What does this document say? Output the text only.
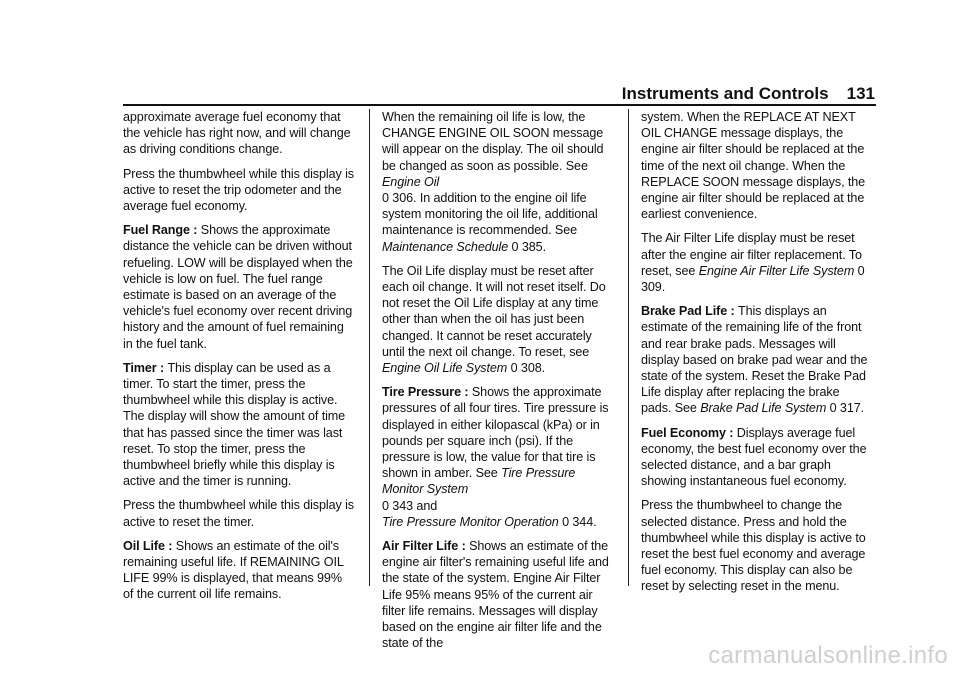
Instruments and Controls 131

approximate average fuel economy that the vehicle has right now, and will change as driving conditions change.

Press the thumbwheel while this display is active to reset the trip odometer and the average fuel economy.

Fuel Range : Shows the approximate distance the vehicle can be driven without refueling. LOW will be displayed when the vehicle is low on fuel. The fuel range estimate is based on an average of the vehicle's fuel economy over recent driving history and the amount of fuel remaining in the fuel tank.

Timer : This display can be used as a timer. To start the timer, press the thumbwheel while this display is active. The display will show the amount of time that has passed since the timer was last reset. To stop the timer, press the thumbwheel briefly while this display is active and the timer is running.

Press the thumbwheel while this display is active to reset the timer.

Oil Life : Shows an estimate of the oil's remaining useful life. If REMAINING OIL LIFE 99% is displayed, that means 99% of the current oil life remains.

When the remaining oil life is low, the CHANGE ENGINE OIL SOON message will appear on the display. The oil should be changed as soon as possible. See Engine Oil
0 306. In addition to the engine oil life system monitoring the oil life, additional maintenance is recommended. See Maintenance Schedule 0 385.

The Oil Life display must be reset after each oil change. It will not reset itself. Do not reset the Oil Life display at any time other than when the oil has just been changed. It cannot be reset accurately until the next oil change. To reset, see Engine Oil Life System 0 308.

Tire Pressure : Shows the approximate pressures of all four tires. Tire pressure is displayed in either kilopascal (kPa) or in pounds per square inch (psi). If the pressure is low, the value for that tire is shown in amber. See Tire Pressure Monitor System
0 343 and
Tire Pressure Monitor Operation 0 344.

Air Filter Life : Shows an estimate of the engine air filter's remaining useful life and the state of the system. Engine Air Filter Life 95% means 95% of the current air filter life remains. Messages will display based on the engine air filter life and the state of the

system. When the REPLACE AT NEXT OIL CHANGE message displays, the engine air filter should be replaced at the time of the next oil change. When the REPLACE SOON message displays, the engine air filter should be replaced at the earliest convenience.

The Air Filter Life display must be reset after the engine air filter replacement. To reset, see Engine Air Filter Life System 0 309.

Brake Pad Life : This displays an estimate of the remaining life of the front and rear brake pads. Messages will display based on brake pad wear and the state of the system. Reset the Brake Pad Life display after replacing the brake pads. See Brake Pad Life System 0 317.

Fuel Economy : Displays average fuel economy, the best fuel economy over the selected distance, and a bar graph showing instantaneous fuel economy.

Press the thumbwheel to change the selected distance. Press and hold the thumbwheel while this display is active to reset the best fuel economy and average fuel economy. This display can also be reset by selecting reset in the menu.

carmanualsonline.info
